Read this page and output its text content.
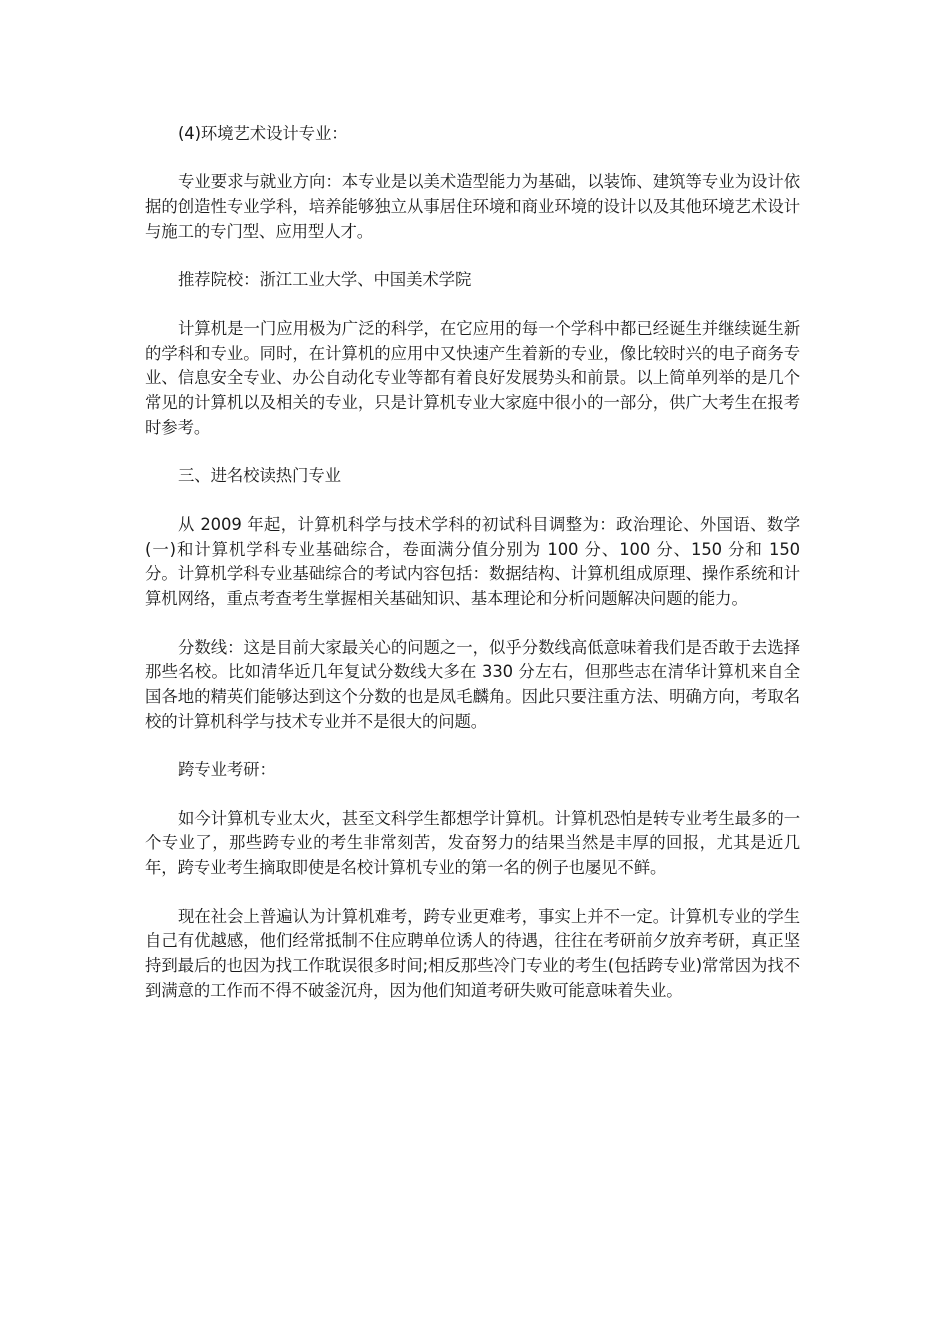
(4)环境艺术设计专业：

专业要求与就业方向：本专业是以美术造型能力为基础，以装饰、建筑等专业为设计依据的创造性专业学科，培养能够独立从事居住环境和商业环境的设计以及其他环境艺术设计与施工的专门型、应用型人才。

推荐院校：浙江工业大学、中国美术学院

计算机是一门应用极为广泛的科学，在它应用的每一个学科中都已经诞生并继续诞生新的学科和专业。同时，在计算机的应用中又快速产生着新的专业，像比较时兴的电子商务专业、信息安全专业、办公自动化专业等都有着良好发展势头和前景。以上简单列举的是几个常见的计算机以及相关的专业，只是计算机专业大家庭中很小的一部分，供广大考生在报考时参考。

三、进名校读热门专业

从 2009 年起，计算机科学与技术学科的初试科目调整为：政治理论、外国语、数学(一)和计算机学科专业基础综合，卷面满分值分别为 100 分、100 分、150 分和 150 分。计算机学科专业基础综合的考试内容包括：数据结构、计算机组成原理、操作系统和计算机网络，重点考查考生掌握相关基础知识、基本理论和分析问题解决问题的能力。

分数线：这是目前大家最关心的问题之一，似乎分数线高低意味着我们是否敢于去选择那些名校。比如清华近几年复试分数线大多在 330 分左右，但那些志在清华计算机来自全国各地的精英们能够达到这个分数的也是凤毛麟角。因此只要注重方法、明确方向，考取名校的计算机科学与技术专业并不是很大的问题。

跨专业考研：

如今计算机专业太火，甚至文科学生都想学计算机。计算机恐怕是转专业考生最多的一个专业了，那些跨专业的考生非常刻苦，发奋努力的结果当然是丰厚的回报，尤其是近几年，跨专业考生摘取即使是名校计算机专业的第一名的例子也屡见不鲜。

现在社会上普遍认为计算机难考，跨专业更难考，事实上并不一定。计算机专业的学生自己有优越感，他们经常抵制不住应聘单位诱人的待遇，往往在考研前夕放弃考研，真正坚持到最后的也因为找工作耽误很多时间;相反那些冷门专业的考生(包括跨专业)常常因为找不到满意的工作而不得不破釜沉舟，因为他们知道考研失败可能意味着失业。
